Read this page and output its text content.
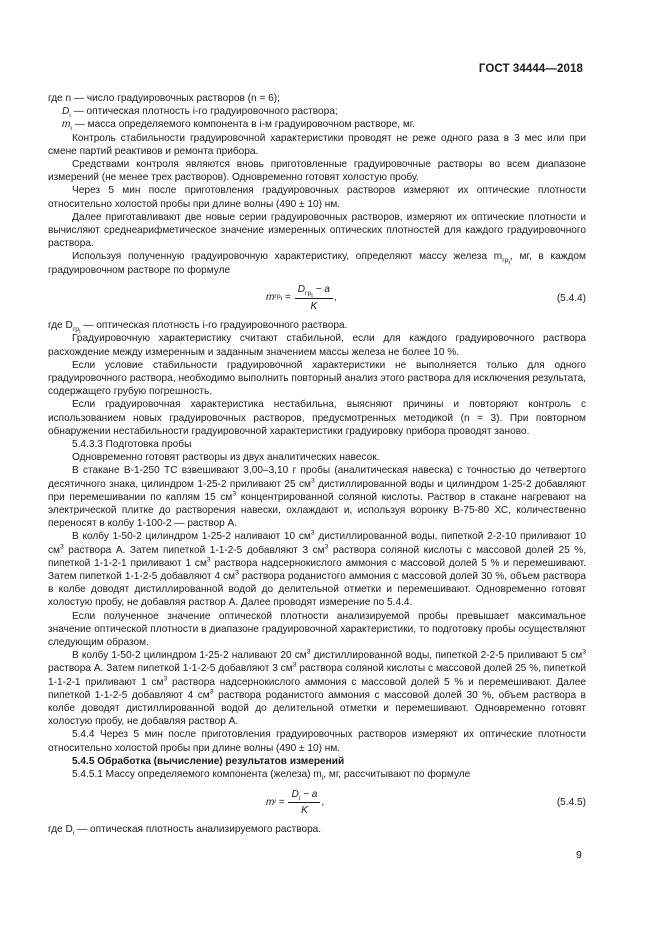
ГОСТ 34444—2018

где n — число градуировочных растворов (n = 6);

$D_i$ — оптическая плотность i-го градуировочного раствора;

$m_i$ — масса определяемого компонента в i-м градуировочном растворе, мг.

Контроль стабильности градуировочной характеристики проводят не реже одного раза в 3 мес или при смене партий реактивов и ремонта прибора.

Средствами контроля являются вновь приготовленные градуировочные растворы во всем диапазоне измерений (не менее трех растворов). Одновременно готовят холостую пробу.

Через 5 мин после приготовления градуировочных растворов измеряют их оптические плотности относительно холостой пробы при длине волны (490 ± 10) нм.

Далее приготавливают две новые серии градуировочных растворов, измеряют их оптические плотности и вычисляют среднеарифметическое значение измеренных оптических плотностей для каждого градуировочного раствора.

Используя полученную градуировочную характеристику, определяют массу железа $m_{гр_i}$, мг, в каждом градуировочном растворе по формуле

m $гр_i$
=
$\frac{D_{гр_i} - a}{K}$ ,	(5.4.4)

где $D_{гр_i}$ — оптическая плотность i-го градуировочного раствора.

Градуировочную характеристику считают стабильной, если для каждого градуировочного раствора расхождение между измеренным и заданным значением массы железа не более 10 %.

Если условие стабильности градуировочной характеристики не выполняется только для одного градуировочного раствора, необходимо выполнить повторный анализ этого раствора для исключения результата, содержащего грубую погрешность.

Если градуировочная характеристика нестабильна, выясняют причины и повторяют контроль с использованием новых градуировочных растворов, предусмотренных методикой (n = 3). При повторном обнаружении нестабильности градуировочной характеристики градуировку прибора проводят заново.

5.4.3.3 Подготовка пробы

Одновременно готовят растворы из двух аналитических навесок.

В стакане В-1-250 ТС взвешивают 3,00–3,10 г пробы (аналитическая навеска) с точностью до четвертого десятичного знака, цилиндром 1-25-2 приливают 25 $см^3$ дистиллированной воды и цилиндром 1-25-2 добавляют при перемешивании по каплям 15 $см^3$ концентрированной соляной кислоты. Раствор в стакане нагревают на электрической плитке до растворения навески, охлаждают и, используя воронку В-75-80 ХС, количественно переносят в колбу 1-100-2 — раствор А.

В колбу 1-50-2 цилиндром 1-25-2 наливают 10 $см^3$ дистиллированной воды, пипеткой 2-2-10 приливают 10 $см^3$ раствора А. Затем пипеткой 1-1-2-5 добавляют 3 $см^3$ раствора соляной кислоты с массовой долей 25 %, пипеткой 1-1-2-1 приливают 1 $см^3$ раствора надсернокислого аммония с массовой долей 5 % и перемешивают. Затем пипеткой 1-1-2-5 добавляют 4 $см^3$ раствора роданистого аммония с массовой долей 30 %, объем раствора в колбе доводят дистиллированной водой до делительной отметки и перемешивают. Одновременно готовят холостую пробу, не добавляя раствор А. Далее проводят измерение по 5.4.4.

Если полученное значение оптической плотности анализируемой пробы превышает максимальное значение оптической плотности в диапазоне градуировочной характеристики, то подготовку пробы осуществляют следующим образом.

В колбу 1-50-2 цилиндром 1-25-2 наливают 20 $см^3$ дистиллированной воды, пипеткой 2-2-5 приливают 5 $см^3$ раствора А. Затем пипеткой 1-1-2-5 добавляют 3 $см^3$ раствора соляной кислоты с массовой долей 25 %, пипеткой 1-1-2-1 приливают 1 $см^3$ раствора надсернокислого аммония с массовой долей 5 % и перемешивают. Далее пипеткой 1-1-2-5 добавляют 4 $см^3$ раствора роданистого аммония с массовой долей 30 %, объем раствора в колбе доводят дистиллированной водой до делительной отметки и перемешивают. Одновременно готовят холостую пробу, не добавляя раствор А.

5.4.4 Через 5 мин после приготовления градуировочных растворов измеряют их оптические плотности относительно холостой пробы при длине волны (490 ± 10) нм.

5.4.5 Обработка (вычисление) результатов измерений

5.4.5.1 Массу определяемого компонента (железа) $m_i$, мг, рассчитывают по формуле

m i
=
$\frac{D_i - a}{K}$ ,	(5.4.5)

где $D_i$ — оптическая плотность анализируемого раствора.

9
